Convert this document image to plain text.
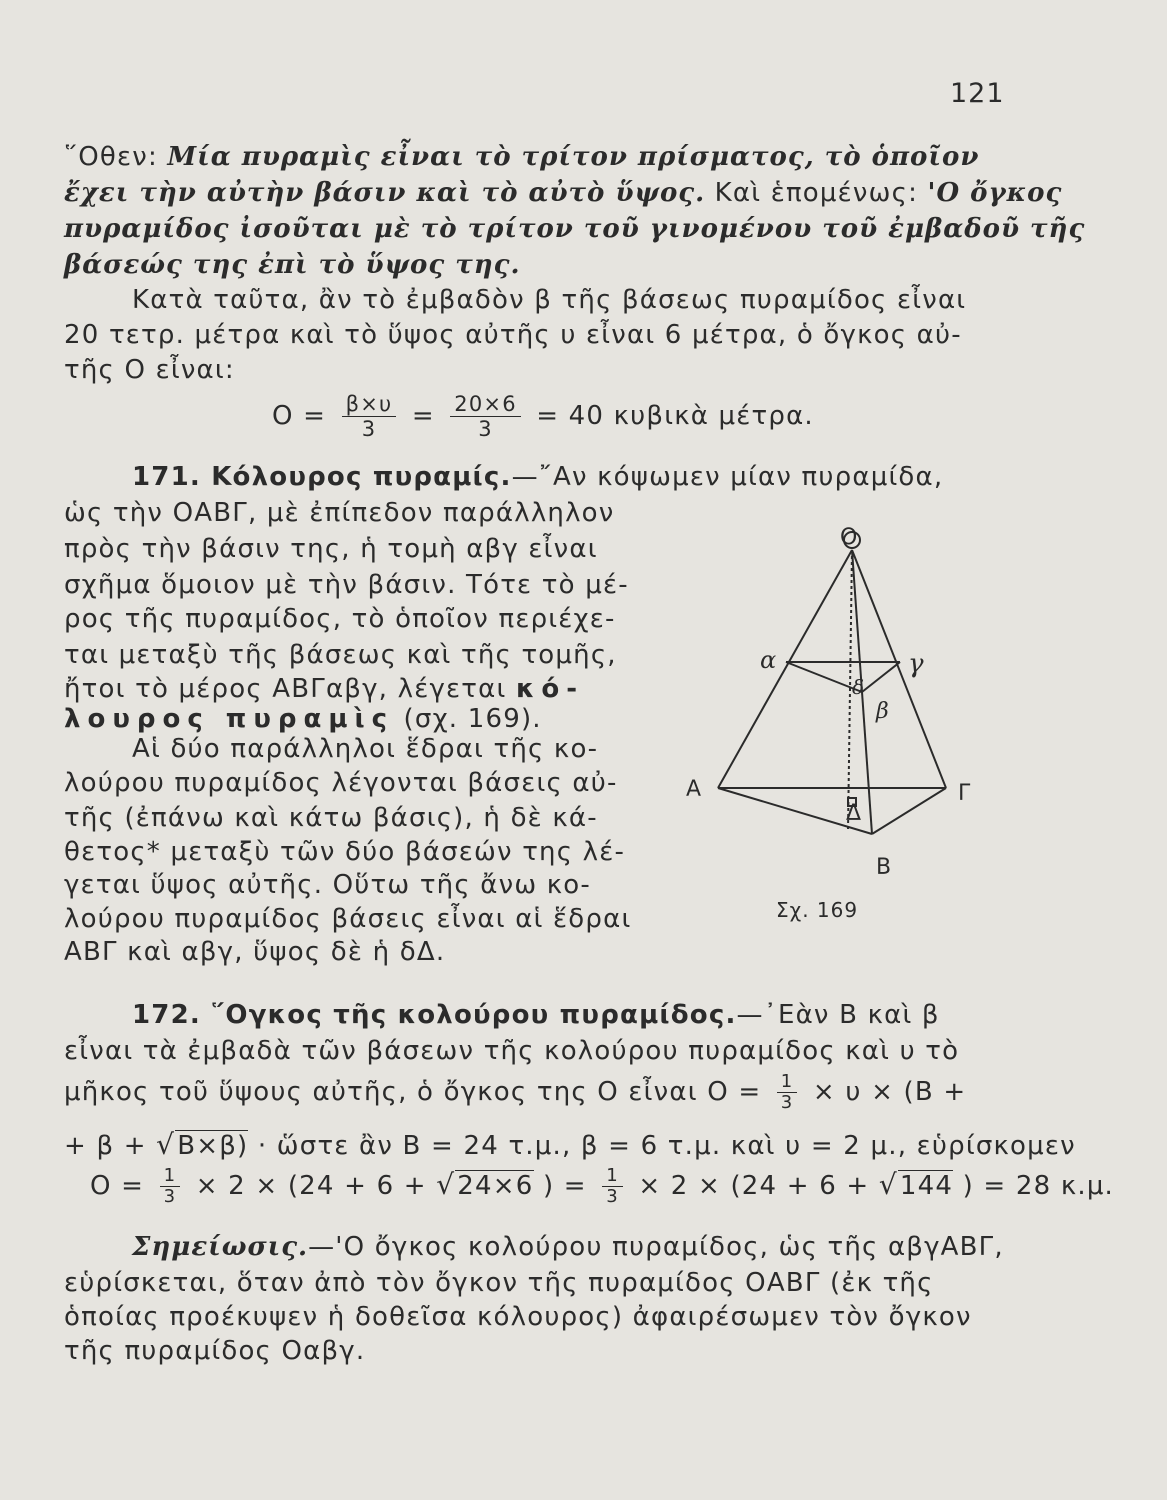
121
῞Οθεν: Μία πυραμὶς εἶναι τὸ τρίτον πρίσματος, τὸ ὁποῖον
ἔχει τὴν αὐτὴν βάσιν καὶ τὸ αὐτὸ ὕψος. Καὶ ἑπομένως: 'Ο ὄγκος
πυραμίδος ἰσοῦται μὲ τὸ τρίτον τοῦ γινομένου τοῦ ἐμβαδοῦ τῆς
βάσεώς της ἐπὶ τὸ ὕψος της.
Κατὰ ταῦτα, ἂν τὸ ἐμβαδὸν β τῆς βάσεως πυραμίδος εἶναι
20 τετρ. μέτρα καὶ τὸ ὕψος αὐτῆς υ εἶναι 6 μέτρα, ὁ ὄγκος αὐ-
τῆς Ο εἶναι:
$O = \frac{\beta\times\upsilon}{3} = \frac{20\times 6}{3} = 40$ κυβικὰ μέτρα.
171. Κόλουρος πυραμίς.—῎Αν κόψωμεν μίαν πυραμίδα,
ὡς τὴν ΟΑΒΓ, μὲ ἐπίπεδον παράλληλον
πρὸς τὴν βάσιν της, ἡ τομὴ αβγ εἶναι
σχῆμα ὅμοιον μὲ τὴν βάσιν. Τότε τὸ μέ-
ρος τῆς πυραμίδος, τὸ ὁποῖον περιέχε-
ται μεταξὺ τῆς βάσεως καὶ τῆς τομῆς,
ἤτοι τὸ μέρος ΑΒΓαβγ, λέγεται κό-
λουρος πυραμὶς (σχ. 169).
Αἱ δύο παράλληλοι ἕδραι τῆς κο-
λούρου πυραμίδος λέγονται βάσεις αὐ-
τῆς (ἐπάνω καὶ κάτω βάσις), ἡ δὲ κά-
θετος* μεταξὺ τῶν δύο βάσεών της λέ-
γεται ὕψος αὐτῆς. Οὕτω τῆς ἄνω κο-
λούρου πυραμίδος βάσεις εἶναι αἱ ἕδραι
ΑΒΓ καὶ αβγ, ὕψος δὲ ἡ δΔ.
Ο
Α	Γ
Β
Δ
α	γ
β
δ
Σχ. 169
172. ῞Ογκος τῆς κολούρου πυραμίδος.—᾿Εὰν Β καὶ β
εἶναι τὰ ἐμβαδὰ τῶν βάσεων τῆς κολούρου πυραμίδος καὶ υ τὸ
μῆκος τοῦ ὕψους αὐτῆς, ὁ ὄγκος της Ο εἶναι $O = \frac{1}{3} \times \upsilon \times (B$ +
+ β + √Β×β) · ὥστε ἂν Β = 24 τ.μ., β = 6 τ.μ. καὶ υ = 2 μ., εὑρίσκομεν
$O = \frac{1}{3} \times 2 \times (24 + 6 + √24\times 6$ ) = $\frac{1}{3} \times 2 \times (24 + 6 + √144$ ) = 28 κ.μ.
Σημείωσις.—'Ο ὄγκος κολούρου πυραμίδος, ὡς τῆς αβγΑΒΓ,
εὑρίσκεται, ὅταν ἀπὸ τὸν ὄγκον τῆς πυραμίδος ΟΑΒΓ (ἐκ τῆς
ὁποίας προέκυψεν ἡ δοθεῖσα κόλουρος) ἀφαιρέσωμεν τὸν ὄγκον
τῆς πυραμίδος Οαβγ.
